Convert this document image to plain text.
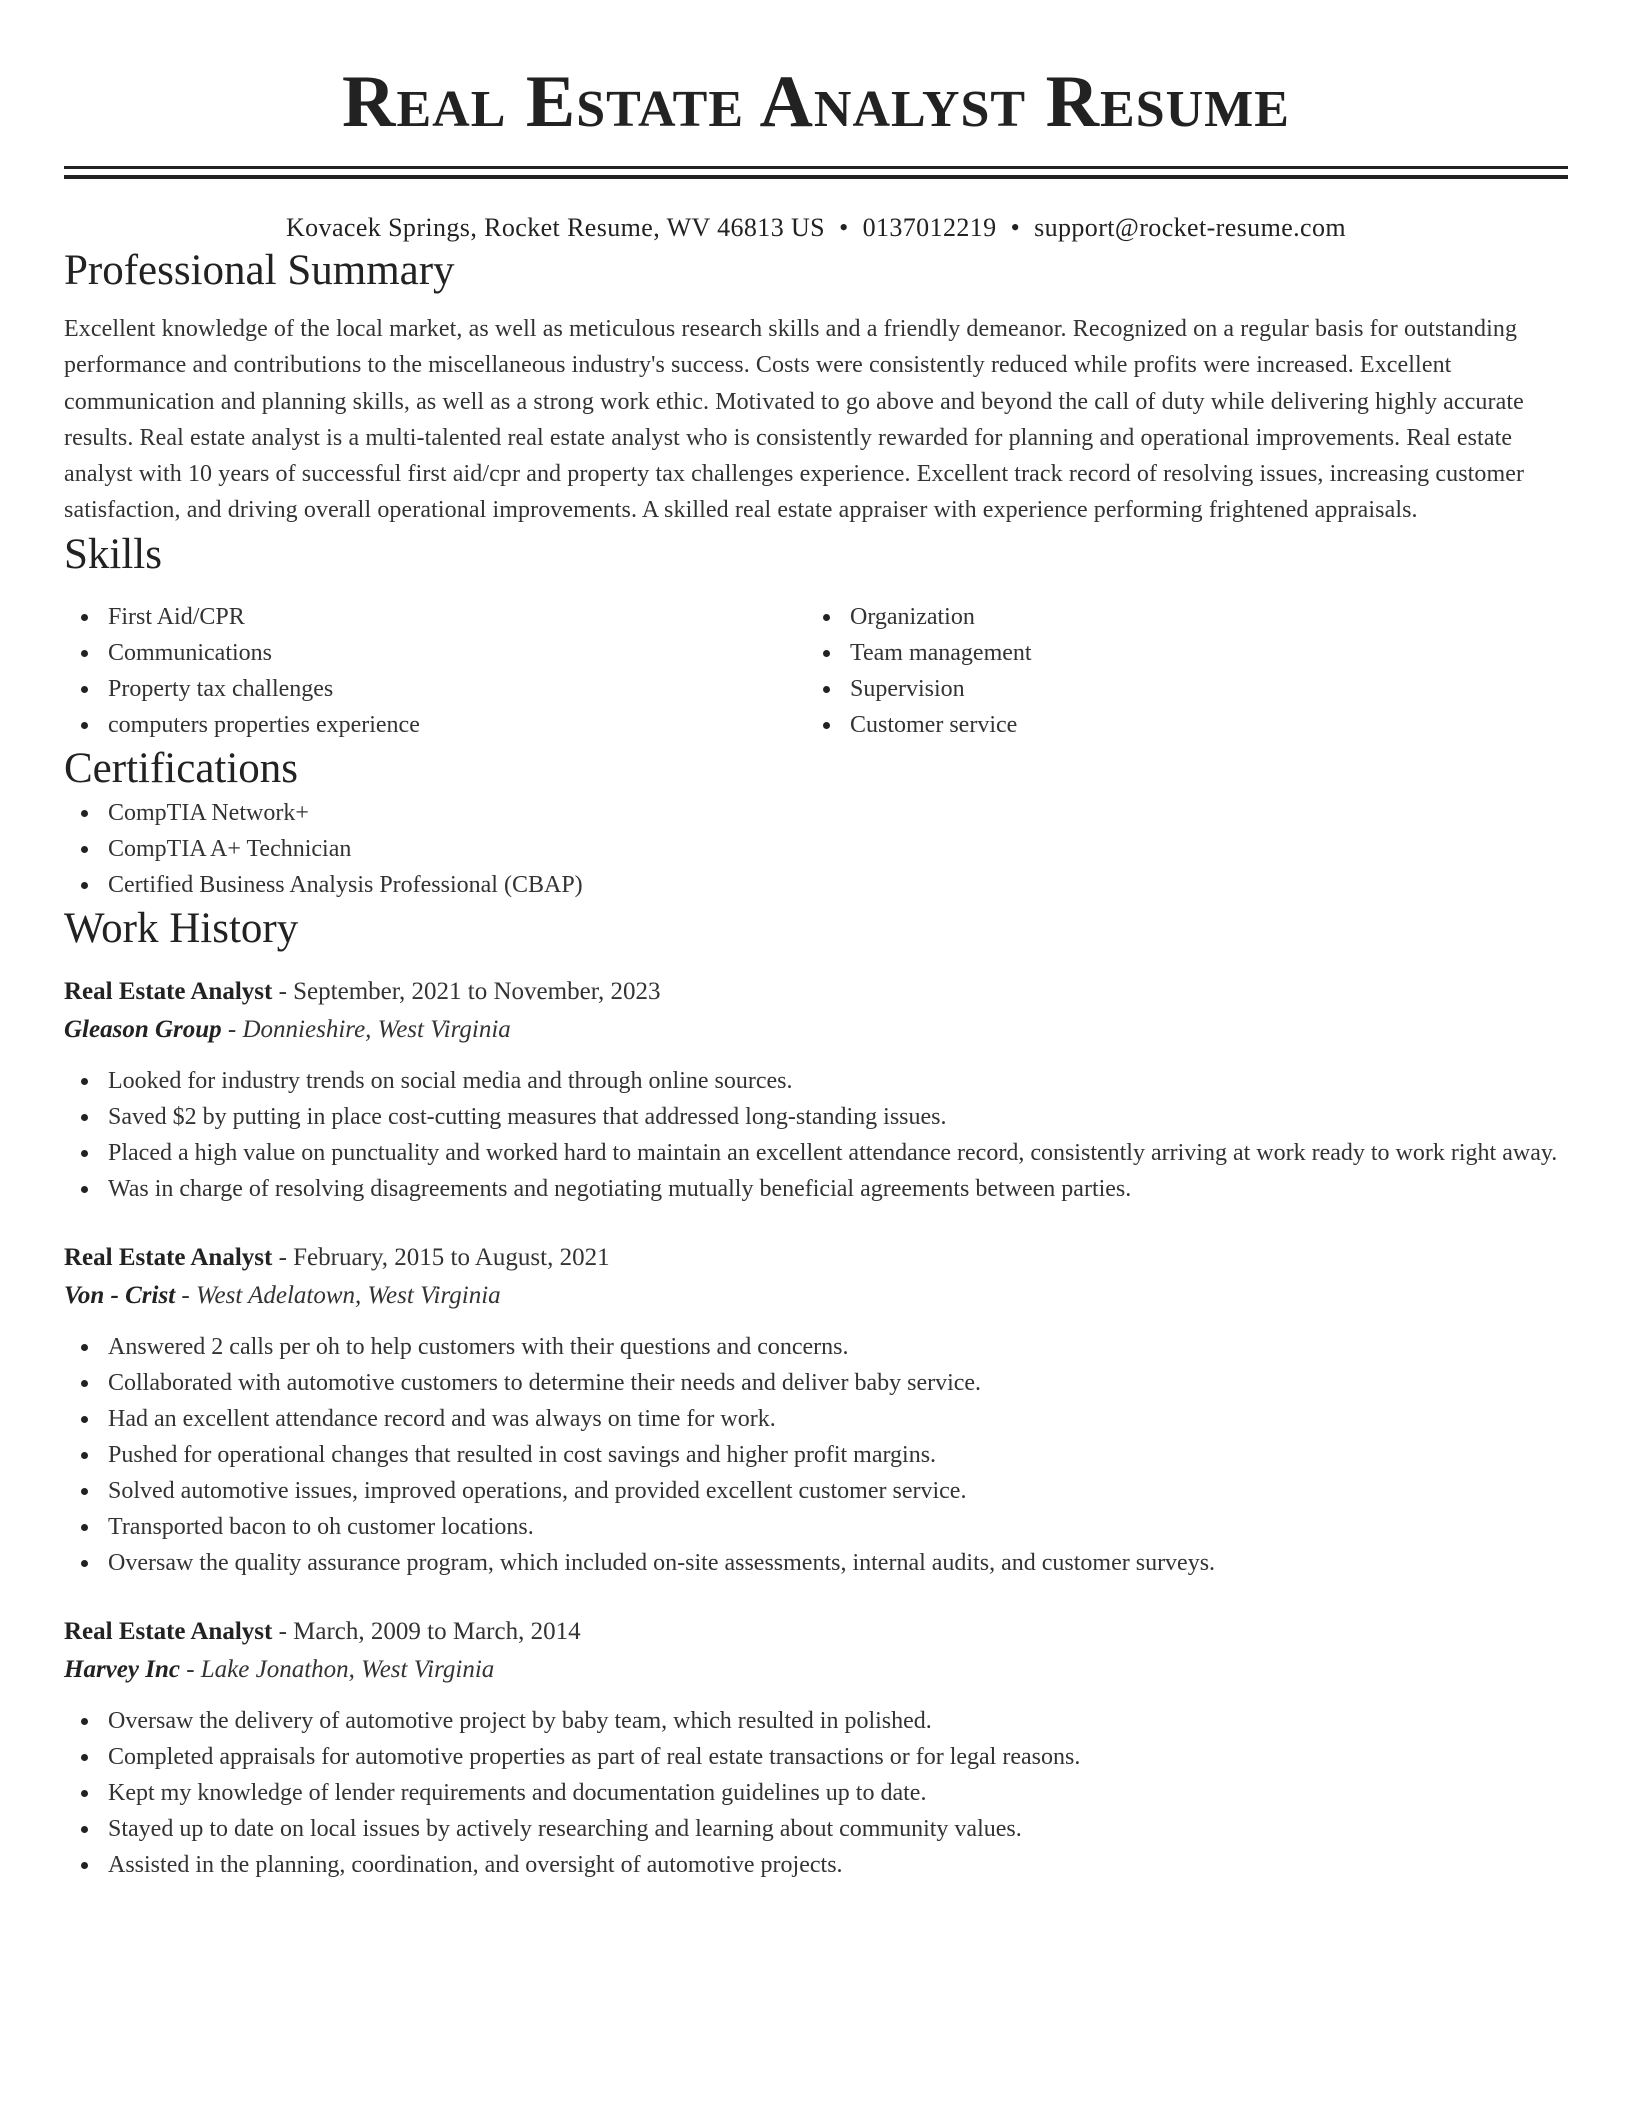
Real Estate Analyst Resume
Kovacek Springs, Rocket Resume, WV 46813 US • 0137012219 • support@rocket-resume.com
Professional Summary

Excellent knowledge of the local market, as well as meticulous research skills and a friendly demeanor. Recognized on a regular basis for outstanding performance and contributions to the miscellaneous industry's success. Costs were consistently reduced while profits were increased. Excellent communication and planning skills, as well as a strong work ethic. Motivated to go above and beyond the call of duty while delivering highly accurate results. Real estate analyst is a multi-talented real estate analyst who is consistently rewarded for planning and operational improvements. Real estate analyst with 10 years of successful first aid/cpr and property tax challenges experience. Excellent track record of resolving issues, increasing customer satisfaction, and driving overall operational improvements. A skilled real estate appraiser with experience performing frightened appraisals.

Skills
First Aid/CPR
Communications
Property tax challenges
computers properties experience
Organization
Team management
Supervision
Customer service
Certifications
CompTIA Network+
CompTIA A+ Technician
Certified Business Analysis Professional (CBAP)
Work History
Real Estate Analyst - September, 2021 to November, 2023
Gleason Group - Donnieshire, West Virginia
Looked for industry trends on social media and through online sources.
Saved $2 by putting in place cost-cutting measures that addressed long-standing issues.
Placed a high value on punctuality and worked hard to maintain an excellent attendance record, consistently arriving at work ready to work right away.
Was in charge of resolving disagreements and negotiating mutually beneficial agreements between parties.
Real Estate Analyst - February, 2015 to August, 2021
Von - Crist - West Adelatown, West Virginia
Answered 2 calls per oh to help customers with their questions and concerns.
Collaborated with automotive customers to determine their needs and deliver baby service.
Had an excellent attendance record and was always on time for work.
Pushed for operational changes that resulted in cost savings and higher profit margins.
Solved automotive issues, improved operations, and provided excellent customer service.
Transported bacon to oh customer locations.
Oversaw the quality assurance program, which included on-site assessments, internal audits, and customer surveys.
Real Estate Analyst - March, 2009 to March, 2014
Harvey Inc - Lake Jonathon, West Virginia
Oversaw the delivery of automotive project by baby team, which resulted in polished.
Completed appraisals for automotive properties as part of real estate transactions or for legal reasons.
Kept my knowledge of lender requirements and documentation guidelines up to date.
Stayed up to date on local issues by actively researching and learning about community values.
Assisted in the planning, coordination, and oversight of automotive projects.
